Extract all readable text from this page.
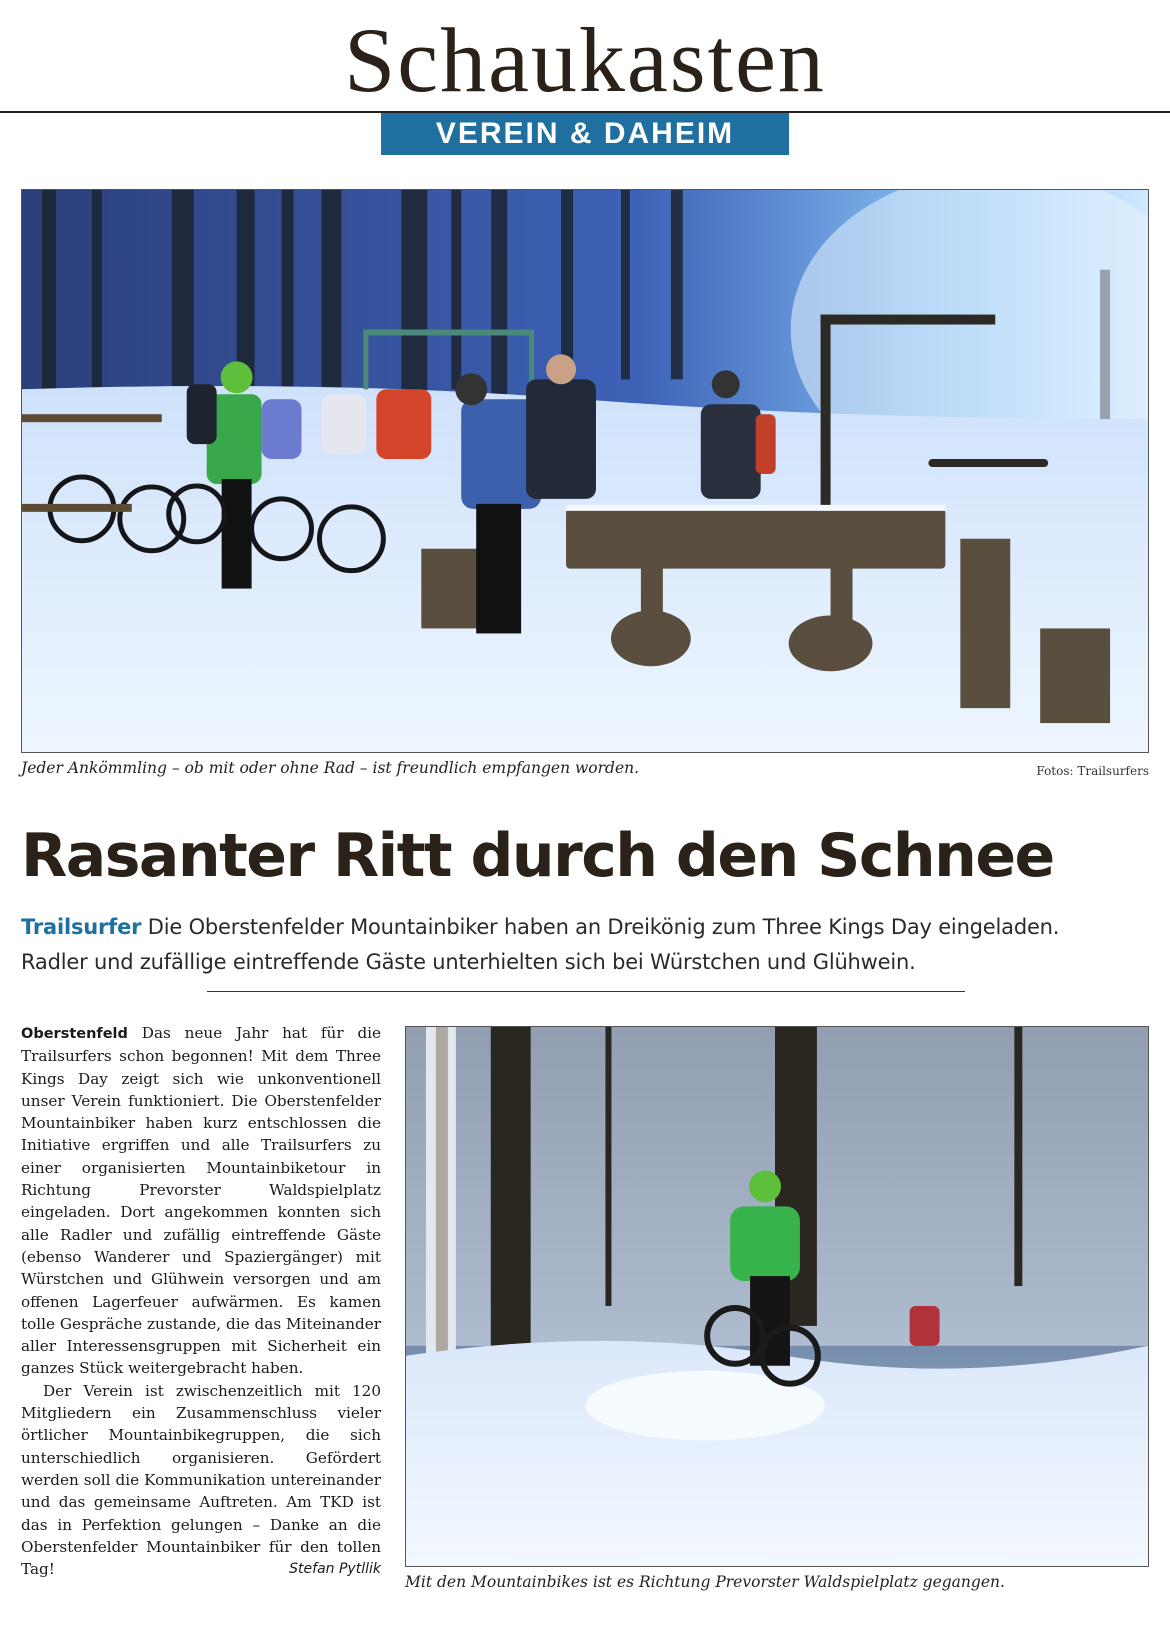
Schaukasten
VEREIN & DAHEIM
Jeder Ankömmling – ob mit oder ohne Rad – ist freundlich empfangen worden.	Fotos: Trailsurfers
Rasanter Ritt durch den Schnee
Trailsurfer Die Oberstenfelder Mountainbiker haben an Dreikönig zum Three Kings Day eingeladen. Radler und zufällige eintreffende Gäste unterhielten sich bei Würstchen und Glühwein.

Oberstenfeld Das neue Jahr hat für die Trailsurfers schon begonnen! Mit dem Three Kings Day zeigt sich wie unkonventionell unser Verein funktioniert. Die Oberstenfelder Mountainbiker haben kurz entschlossen die Initiative ergriffen und alle Trailsurfers zu einer organisierten Mountainbiketour in Richtung Prevorster Waldspielplatz eingeladen. Dort angekommen konnten sich alle Radler und zufällig eintreffende Gäste (ebenso Wanderer und Spaziergänger) mit Würstchen und Glühwein versorgen und am offenen Lagerfeuer aufwärmen. Es kamen tolle Gespräche zustande, die das Miteinander aller Interessensgruppen mit Sicherheit ein ganzes Stück weitergebracht haben.

Der Verein ist zwischenzeitlich mit 120 Mitgliedern ein Zusammenschluss vieler örtlicher Mountainbikegruppen, die sich unterschiedlich organisieren. Gefördert werden soll die Kommunikation untereinander und das gemeinsame Auftreten. Am TKD ist das in Perfektion gelungen – Danke an die Oberstenfelder Mountainbiker für den tollen Tag!	Stefan Pytllik

Mit den Mountainbikes ist es Richtung Prevorster Waldspielplatz gegangen.
